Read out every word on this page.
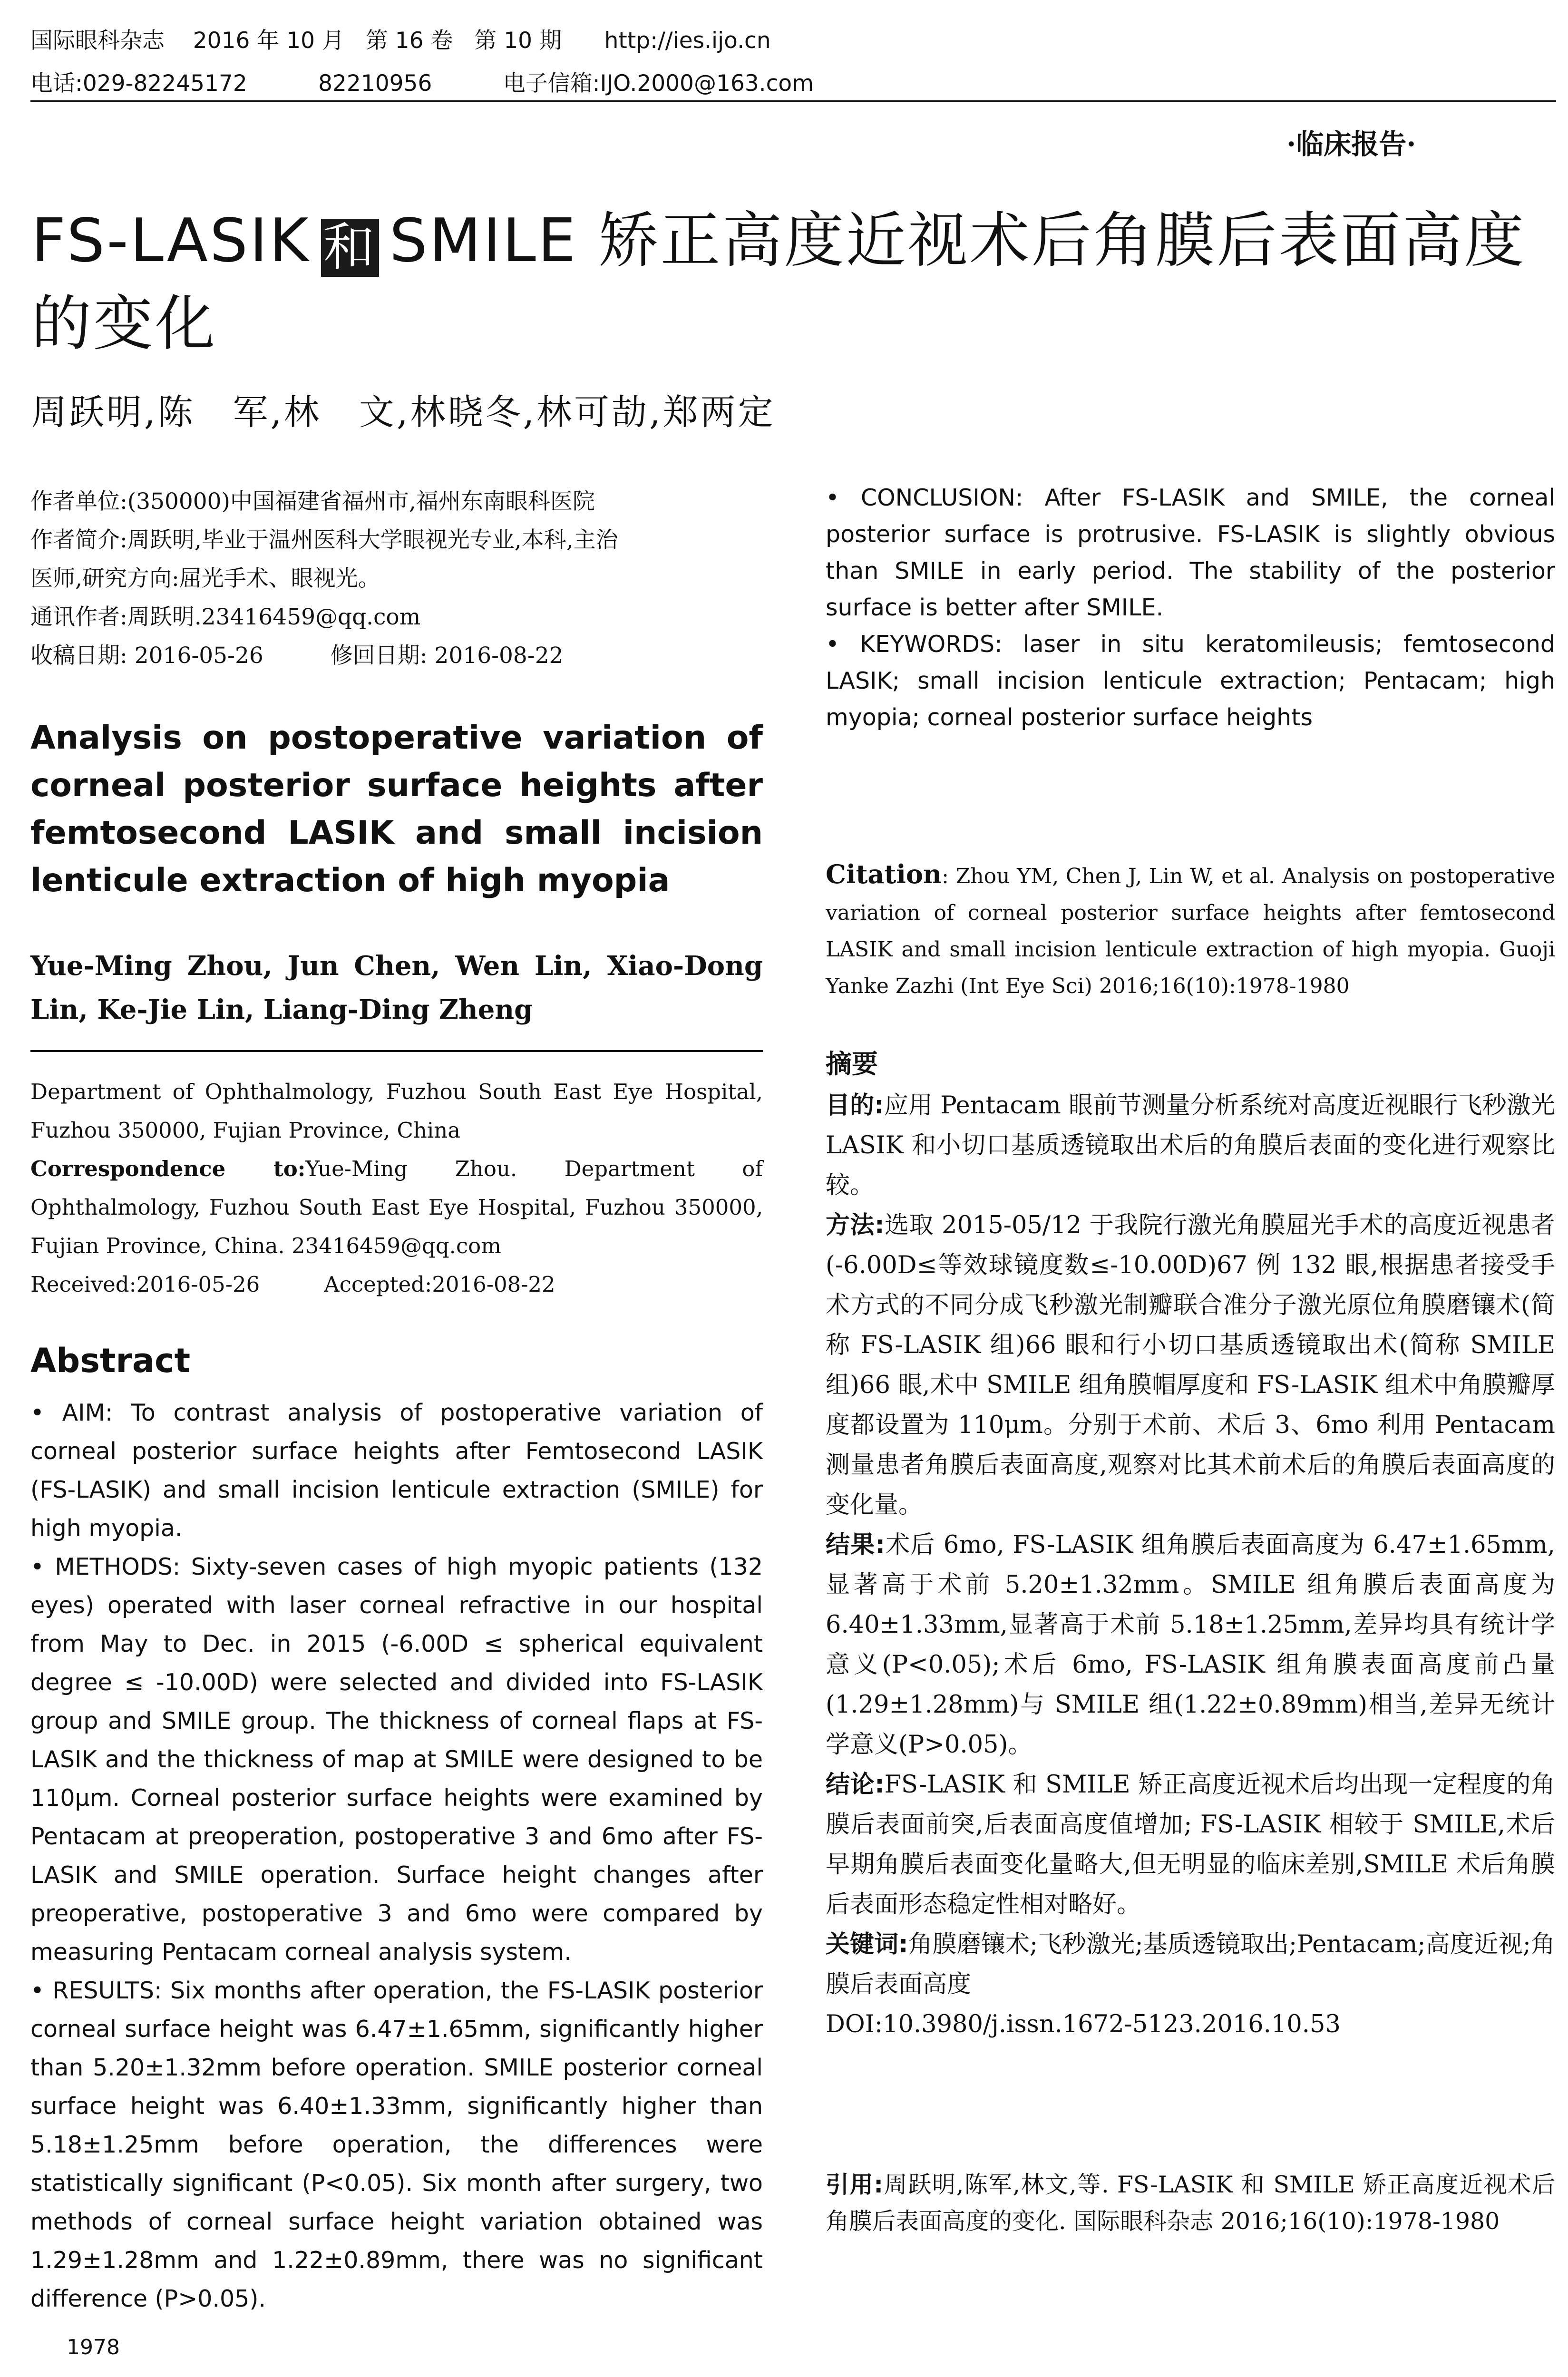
国际眼科杂志    2016 年 10 月   第 16 卷   第 10 期      http://ies.ijo.cn
电话:029-82245172          82210956          电子信箱:IJO.2000@163.com
·临床报告·
FS-LASIK 和 SMILE 矫正高度近视术后角膜后表面高度
的变化
周跃明,陈　军,林　文,林晓冬,林可劼,郑两定

作者单位:(350000)中国福建省福州市,福州东南眼科医院

作者简介:周跃明,毕业于温州医科大学眼视光专业,本科,主治

医师,研究方向:屈光手术、眼视光。

通讯作者:周跃明.23416459@qq.com

收稿日期: 2016-05-26　　　修回日期: 2016-08-22

Analysis on postoperative variation of
corneal posterior surface heights after
femtosecond LASIK and small incision
lenticule extraction of high myopia
Yue-Ming Zhou, Jun Chen, Wen Lin, Xiao-Dong
Lin, Ke-Jie Lin, Liang-Ding Zheng

Department of Ophthalmology, Fuzhou South East Eye Hospital, Fuzhou 350000, Fujian Province, China

Correspondence to:Yue-Ming Zhou. Department of Ophthalmology, Fuzhou South East Eye Hospital, Fuzhou 350000, Fujian Province, China. 23416459@qq.com

Received:2016-05-26　　　Accepted:2016-08-22

Abstract

• AIM: To contrast analysis of postoperative variation of corneal posterior surface heights after Femtosecond LASIK (FS-LASIK) and small incision lenticule extraction (SMILE) for high myopia.

• METHODS: Sixty-seven cases of high myopic patients (132 eyes) operated with laser corneal refractive in our hospital from May to Dec. in 2015 (-6.00D ≤ spherical equivalent degree ≤ -10.00D) were selected and divided into FS-LASIK group and SMILE group. The thickness of corneal flaps at FS-LASIK and the thickness of map at SMILE were designed to be 110μm. Corneal posterior surface heights were examined by Pentacam at preoperation, postoperative 3 and 6mo after FS-LASIK and SMILE operation. Surface height changes after preoperative, postoperative 3 and 6mo were compared by measuring Pentacam corneal analysis system.

• RESULTS: Six months after operation, the FS-LASIK posterior corneal surface height was 6.47±1.65mm, significantly higher than 5.20±1.32mm before operation. SMILE posterior corneal surface height was 6.40±1.33mm, significantly higher than 5.18±1.25mm before operation, the differences were statistically significant (P<0.05). Six month after surgery, two methods of corneal surface height variation obtained was 1.29±1.28mm and 1.22±0.89mm, there was no significant difference (P>0.05).

1978

• CONCLUSION: After FS-LASIK and SMILE, the corneal posterior surface is protrusive. FS-LASIK is slightly obvious than SMILE in early period. The stability of the posterior surface is better after SMILE.

• KEYWORDS: laser in situ keratomileusis; femtosecond LASIK; small incision lenticule extraction; Pentacam; high myopia; corneal posterior surface heights

Citation: Zhou YM, Chen J, Lin W, et al. Analysis on postoperative variation of corneal posterior surface heights after femtosecond LASIK and small incision lenticule extraction of high myopia. Guoji Yanke Zazhi (Int Eye Sci) 2016;16(10):1978-1980

摘要

目的:应用 Pentacam 眼前节测量分析系统对高度近视眼行飞秒激光 LASIK 和小切口基质透镜取出术后的角膜后表面的变化进行观察比较。

方法:选取 2015-05/12 于我院行激光角膜屈光手术的高度近视患者(-6.00D≤等效球镜度数≤-10.00D)67 例 132 眼,根据患者接受手术方式的不同分成飞秒激光制瓣联合准分子激光原位角膜磨镶术(简称 FS-LASIK 组)66 眼和行小切口基质透镜取出术(简称 SMILE 组)66 眼,术中 SMILE 组角膜帽厚度和 FS-LASIK 组术中角膜瓣厚度都设置为 110μm。分别于术前、术后 3、6mo 利用 Pentacam 测量患者角膜后表面高度,观察对比其术前术后的角膜后表面高度的变化量。

结果:术后 6mo, FS-LASIK 组角膜后表面高度为 6.47±1.65mm,显著高于术前 5.20±1.32mm。SMILE 组角膜后表面高度为 6.40±1.33mm,显著高于术前 5.18±1.25mm,差异均具有统计学意义(P<0.05);术后 6mo, FS-LASIK 组角膜表面高度前凸量(1.29±1.28mm)与 SMILE 组(1.22±0.89mm)相当,差异无统计学意义(P>0.05)。

结论:FS-LASIK 和 SMILE 矫正高度近视术后均出现一定程度的角膜后表面前突,后表面高度值增加; FS-LASIK 相较于 SMILE,术后早期角膜后表面变化量略大,但无明显的临床差别,SMILE 术后角膜后表面形态稳定性相对略好。

关键词:角膜磨镶术;飞秒激光;基质透镜取出;Pentacam;高度近视;角膜后表面高度

DOI:10.3980/j.issn.1672-5123.2016.10.53

引用:周跃明,陈军,林文,等. FS-LASIK 和 SMILE 矫正高度近视术后角膜后表面高度的变化. 国际眼科杂志 2016;16(10):1978-1980
